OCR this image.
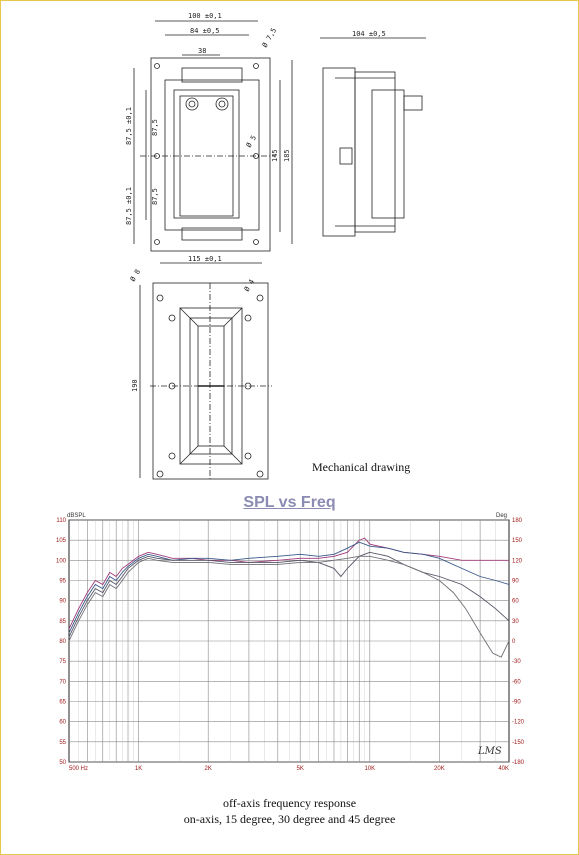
100 ±0,1
84 ±0,5
38
Ø 7,5	104 ±0,5
87,5 ±0,1
87,5 ±0,1
87,5
87,5
Ø 5
145 185
115 ±0,1
Ø 8
Ø 4
190
Mechanical drawing
SPL vs Freq
dBSPL	Deg
50
55
60
65
70
75
80
85
90
95
100
105
110
-180
-150
-120
-90
-60
-30
0
30
60
90
120
150
180
500 Hz	1K	2K	5K	10K	20K	40K
LMS
off-axis frequency response
on-axis, 15 degree, 30 degree and 45 degree
